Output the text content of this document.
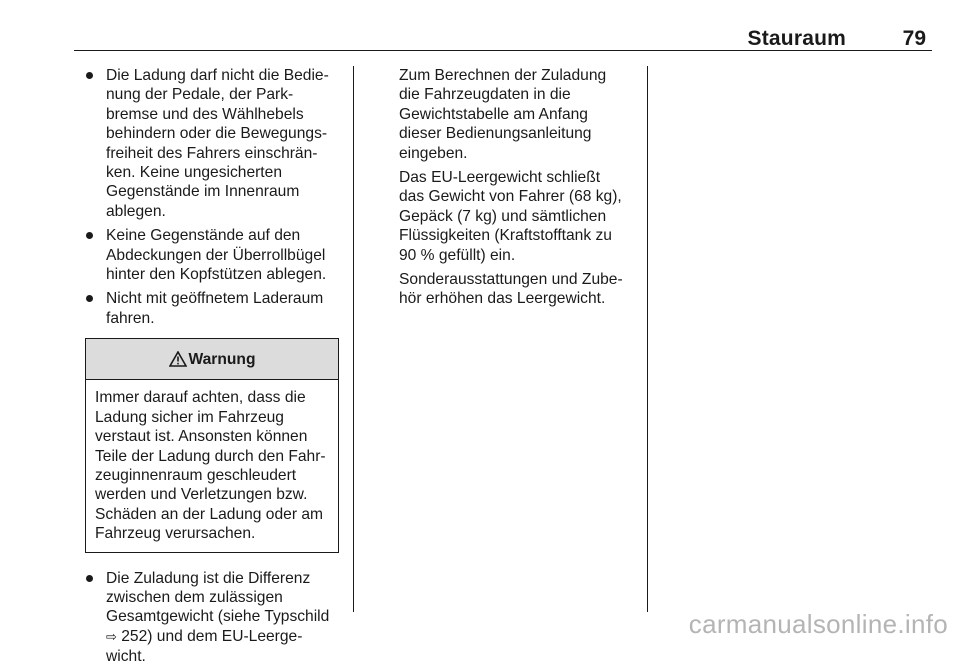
Stauraum	79
Die Ladung darf nicht die Bedie-
nung der Pedale, der Park-
bremse und des Wählhebels
behindern oder die Bewegungs-
freiheit des Fahrers einschrän-
ken. Keine ungesicherten
Gegenstände im Innenraum
ablegen.
Keine Gegenstände auf den
Abdeckungen der Überrollbügel
hinter den Kopfstützen ablegen.
Nicht mit geöffnetem Laderaum
fahren.
Warnung
Immer darauf achten, dass die
Ladung sicher im Fahrzeug
verstaut ist. Ansonsten können
Teile der Ladung durch den Fahr-
zeuginnenraum geschleudert
werden und Verletzungen bzw.
Schäden an der Ladung oder am
Fahrzeug verursachen.
Die Zuladung ist die Differenz
zwischen dem zulässigen
Gesamtgewicht (siehe Typschild
⇨ 252) und dem EU-Leerge-
wicht.

Zum Berechnen der Zuladung
die Fahrzeugdaten in die
Gewichtstabelle am Anfang
dieser Bedienungsanleitung
eingeben.

Das EU-Leergewicht schließt
das Gewicht von Fahrer (68 kg),
Gepäck (7 kg) und sämtlichen
Flüssigkeiten (Kraftstofftank zu
90 % gefüllt) ein.

Sonderausstattungen und Zube-
hör erhöhen das Leergewicht.

carmanualsonline.info
